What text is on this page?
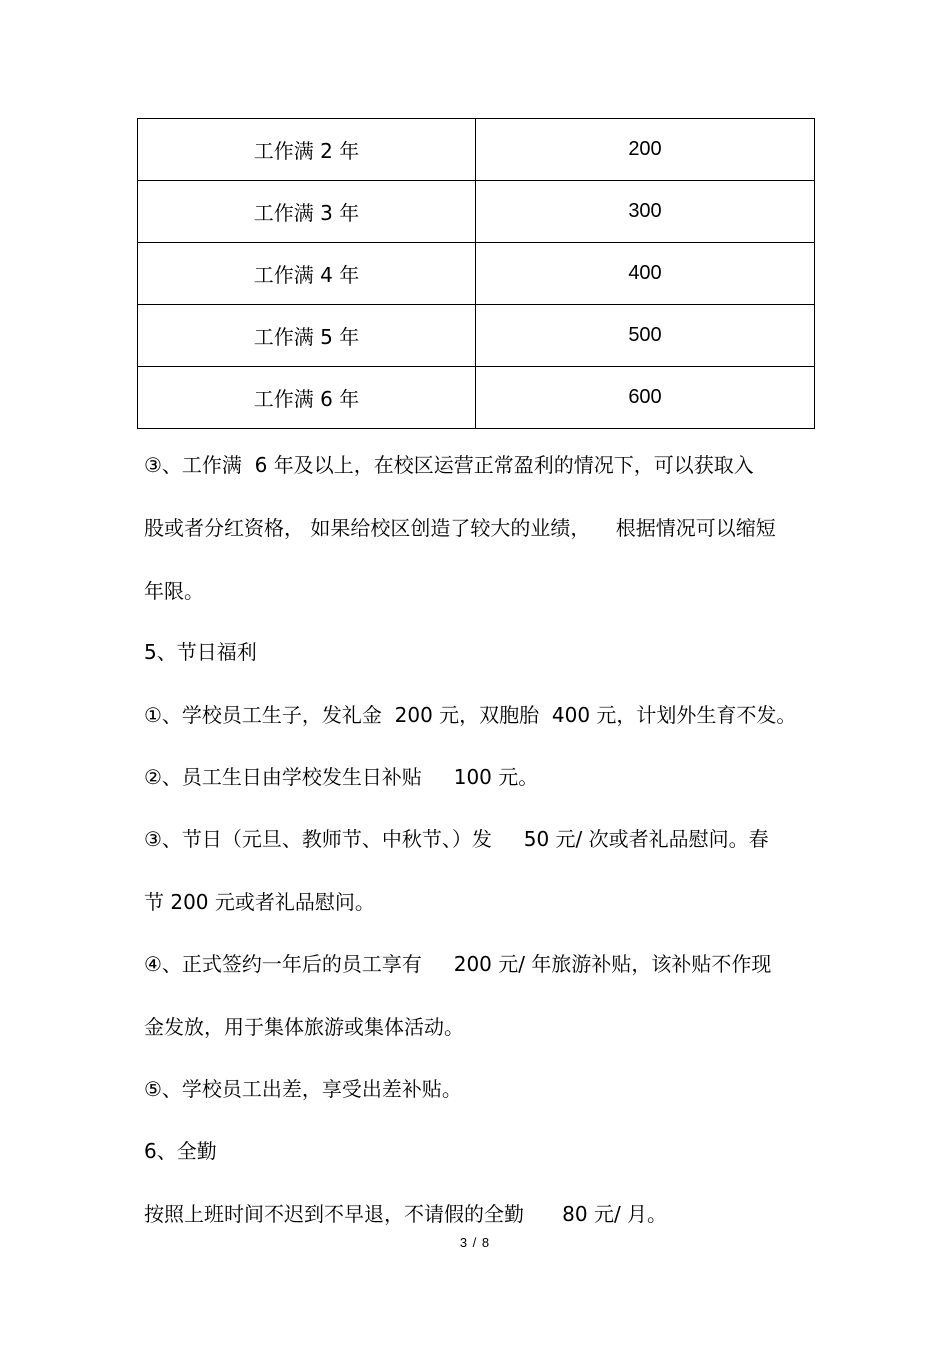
工作满 2 年	200
工作满 3 年	300
工作满 4 年	400
工作满 5 年	500
工作满 6 年	600
③、工作满  6 年及以上，在校区运营正常盈利的情况下，可以获取入
股或者分红资格， 如果给校区创造了较大的业绩，    根据情况可以缩短
年限。
5、节日福利
①、学校员工生子，发礼金  200 元，双胞胎  400 元，计划外生育不发。
②、员工生日由学校发生日补贴     100 元。
③、节日（元旦、教师节、中秋节、）发     50 元/ 次或者礼品慰问。春
节 200 元或者礼品慰问。
④、正式签约一年后的员工享有     200 元/ 年旅游补贴，该补贴不作现
金发放，用于集体旅游或集体活动。
⑤、学校员工出差，享受出差补贴。
6、全勤
按照上班时间不迟到不早退，不请假的全勤      80 元/ 月。
3 / 8
